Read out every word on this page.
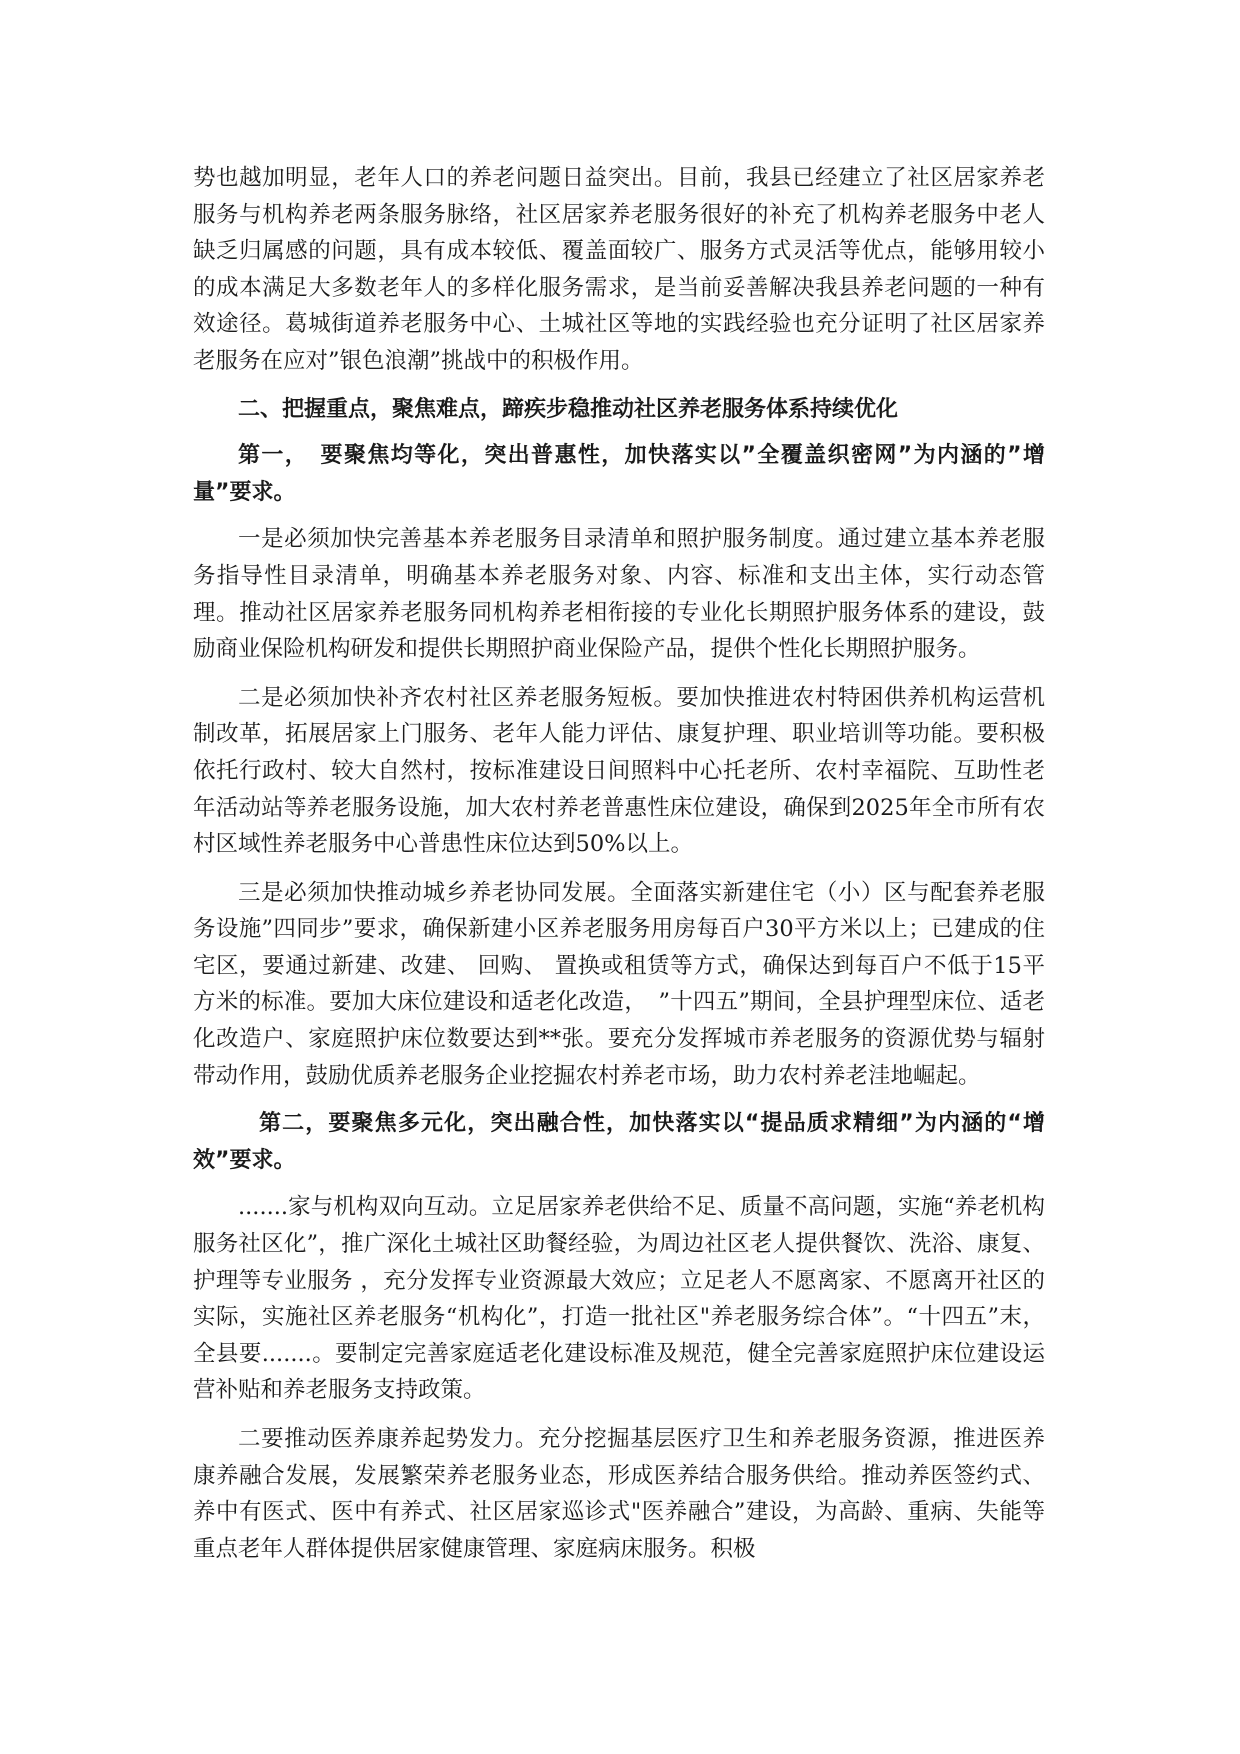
势也越加明显，老年人口的养老问题日益突出。目前，我县已经建立了社区居家养老服务与机构养老两条服务脉络，社区居家养老服务很好的补充了机构养老服务中老人缺乏归属感的问题，具有成本较低、覆盖面较广、服务方式灵活等优点，能够用较小的成本满足大多数老年人的多样化服务需求，是当前妥善解决我县养老问题的一种有效途径。葛城街道养老服务中心、土城社区等地的实践经验也充分证明了社区居家养老服务在应对”银色浪潮”挑战中的积极作用。

二、把握重点，聚焦难点，蹄疾步稳推动社区养老服务体系持续优化

第一，　要聚焦均等化，突出普惠性，加快落实以”全覆盖织密网”为内涵的”增量”要求。

一是必须加快完善基本养老服务目录清单和照护服务制度。通过建立基本养老服务指导性目录清单，明确基本养老服务对象、内容、标准和支出主体，实行动态管理。推动社区居家养老服务同机构养老相衔接的专业化长期照护服务体系的建设，鼓励商业保险机构研发和提供长期照护商业保险产品，提供个性化长期照护服务。

二是必须加快补齐农村社区养老服务短板。要加快推进农村特困供养机构运营机制改革，拓展居家上门服务、老年人能力评估、康复护理、职业培训等功能。要积极依托行政村、较大自然村，按标准建设日间照料中心托老所、农村幸福院、互助性老年活动站等养老服务设施，加大农村养老普惠性床位建设，确保到2025年全市所有农村区域性养老服务中心普患性床位达到50%以上。

三是必须加快推动城乡养老协同发展。全面落实新建住宅（小）区与配套养老服务设施”四同步”要求，确保新建小区养老服务用房每百户30平方米以上；已建成的住宅区，要通过新建、改建、 回购、 置换或租赁等方式，确保达到每百户不低于15平方米的标准。要加大床位建设和适老化改造，　”十四五”期间，全县护理型床位、适老化改造户、家庭照护床位数要达到**张。要充分发挥城市养老服务的资源优势与辐射带动作用，鼓励优质养老服务企业挖掘农村养老市场，助力农村养老洼地崛起。

第二，要聚焦多元化，突出融合性，加快落实以“提品质求精细”为内涵的“增效”要求。

.......家与机构双向互动。立足居家养老供给不足、质量不高问题，实施“养老机构服务社区化”，推广深化土城社区助餐经验，为周边社区老人提供餐饮、洗浴、康复、护理等专业服务 ，充分发挥专业资源最大效应；立足老人不愿离家、不愿离开社区的实际，实施社区养老服务“机构化”，打造一批社区"养老服务综合体”。“十四五”末，全县要.......。要制定完善家庭适老化建设标准及规范，健全完善家庭照护床位建设运营补贴和养老服务支持政策。

二要推动医养康养起势发力。充分挖掘基层医疗卫生和养老服务资源，推进医养康养融合发展，发展繁荣养老服务业态，形成医养结合服务供给。推动养医签约式、养中有医式、医中有养式、社区居家巡诊式"医养融合”建设，为高龄、重病、失能等重点老年人群体提供居家健康管理、家庭病床服务。积极
